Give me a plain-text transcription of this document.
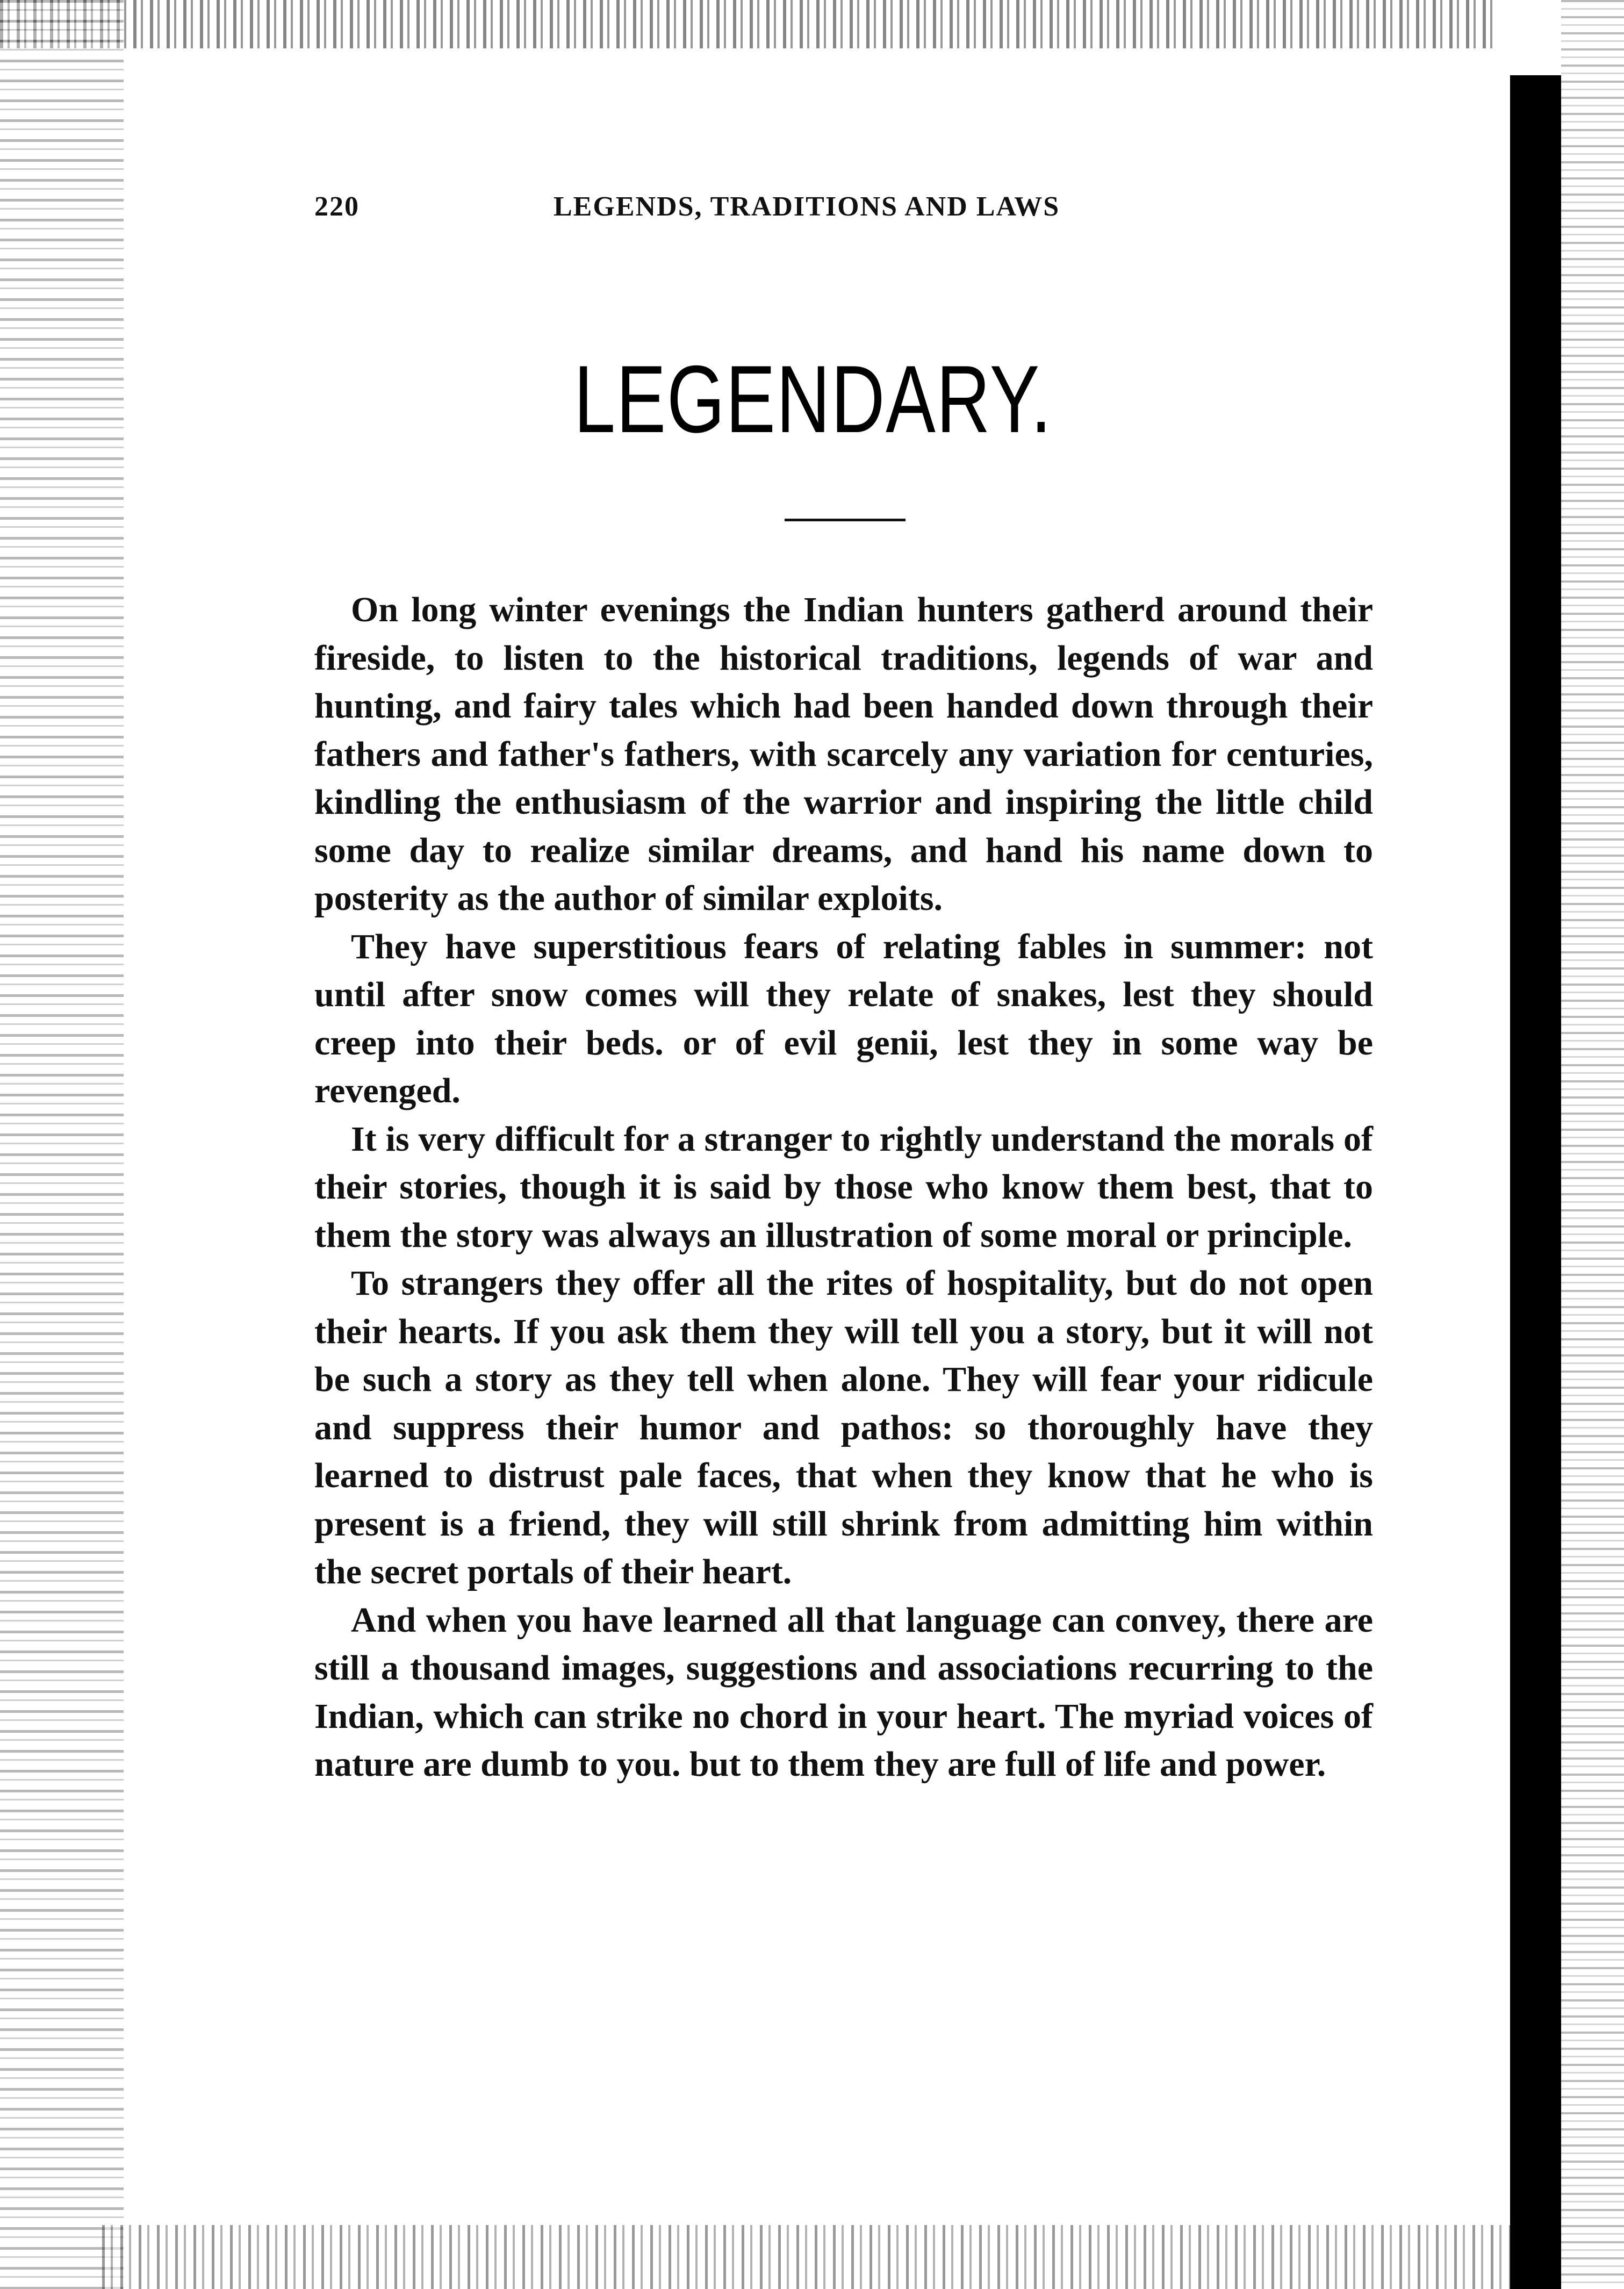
220	LEGENDS, TRADITIONS AND LAWS
LEGENDARY.

On long winter evenings the Indian hunters gatherd around their fireside, to listen to the historical traditions, legends of war and hunting, and fairy tales which had been handed down through their fathers and father's fathers, with scarcely any variation for centuries, kindling the enthusiasm of the warrior and inspiring the little child some day to realize similar dreams, and hand his name down to posterity as the author of similar exploits.

They have superstitious fears of relating fables in summer: not until after snow comes will they relate of snakes, lest they should creep into their beds. or of evil genii, lest they in some way be revenged.

It is very difficult for a stranger to rightly understand the morals of their stories, though it is said by those who know them best, that to them the story was always an illustration of some moral or principle.

To strangers they offer all the rites of hospitality, but do not open their hearts. If you ask them they will tell you a story, but it will not be such a story as they tell when alone. They will fear your ridicule and suppress their humor and pathos: so thoroughly have they learned to distrust pale faces, that when they know that he who is present is a friend, they will still shrink from admitting him within the secret portals of their heart.

And when you have learned all that language can convey, there are still a thousand images, suggestions and associations recurring to the Indian, which can strike no chord in your heart. The myriad voices of nature are dumb to you. but to them they are full of life and power.
